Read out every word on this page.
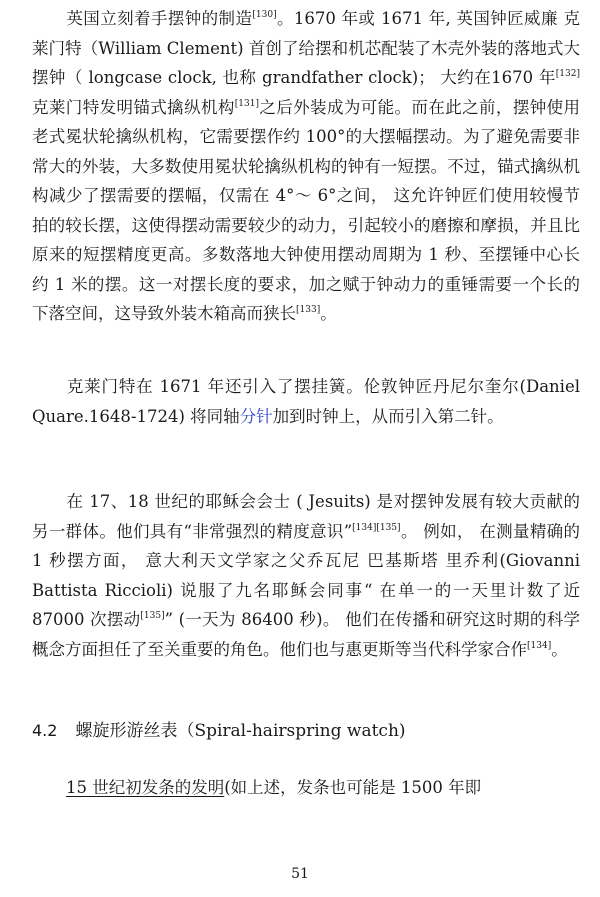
英国立刻着手摆钟的制造[130]。1670 年或 1671 年, 英国钟匠威廉 克莱门特（William Clement) 首创了给摆和机芯配装了木壳外装的落地式大摆钟（ longcase clock, 也称 grandfather clock)； 大约在1670 年[132]克莱门特发明锚式擒纵机构[131]之后外装成为可能。而在此之前，摆钟使用老式冕状轮擒纵机构，它需要摆作约 100°的大摆幅摆动。为了避免需要非常大的外装，大多数使用冕状轮擒纵机构的钟有一短摆。不过，锚式擒纵机构减少了摆需要的摆幅，仅需在 4°～ 6°之间， 这允许钟匠们使用较慢节拍的较长摆，这使得摆动需要较少的动力，引起较小的磨擦和摩损，并且比原来的短摆精度更高。多数落地大钟使用摆动周期为 1 秒、至摆锤中心长约 1 米的摆。这一对摆长度的要求，加之赋于钟动力的重锤需要一个长的下落空间，这导致外装木箱高而狭长[133]。

克莱门特在 1671 年还引入了摆挂簧。伦敦钟匠丹尼尔奎尔(Daniel Quare.1648-1724) 将同轴分针加到时钟上，从而引入第二针。

在 17、18 世纪的耶稣会会士 ( Jesuits) 是对摆钟发展有较大贡献的另一群体。他们具有“非常强烈的精度意识”[134][135]。 例如， 在测量精确的 1 秒摆方面， 意大利天文学家之父乔瓦尼 巴基斯塔 里乔利(Giovanni Battista Riccioli) 说服了九名耶稣会同事“ 在单一的一天里计数了近 87000 次摆动[135]” (一天为 86400 秒)。 他们在传播和研究这时期的科学概念方面担任了至关重要的角色。他们也与惠更斯等当代科学家合作[134]。

4.2 螺旋形游丝表（Spiral-hairspring watch)

15 世纪初发条的发明(如上述，发条也可能是 1500 年即

51
